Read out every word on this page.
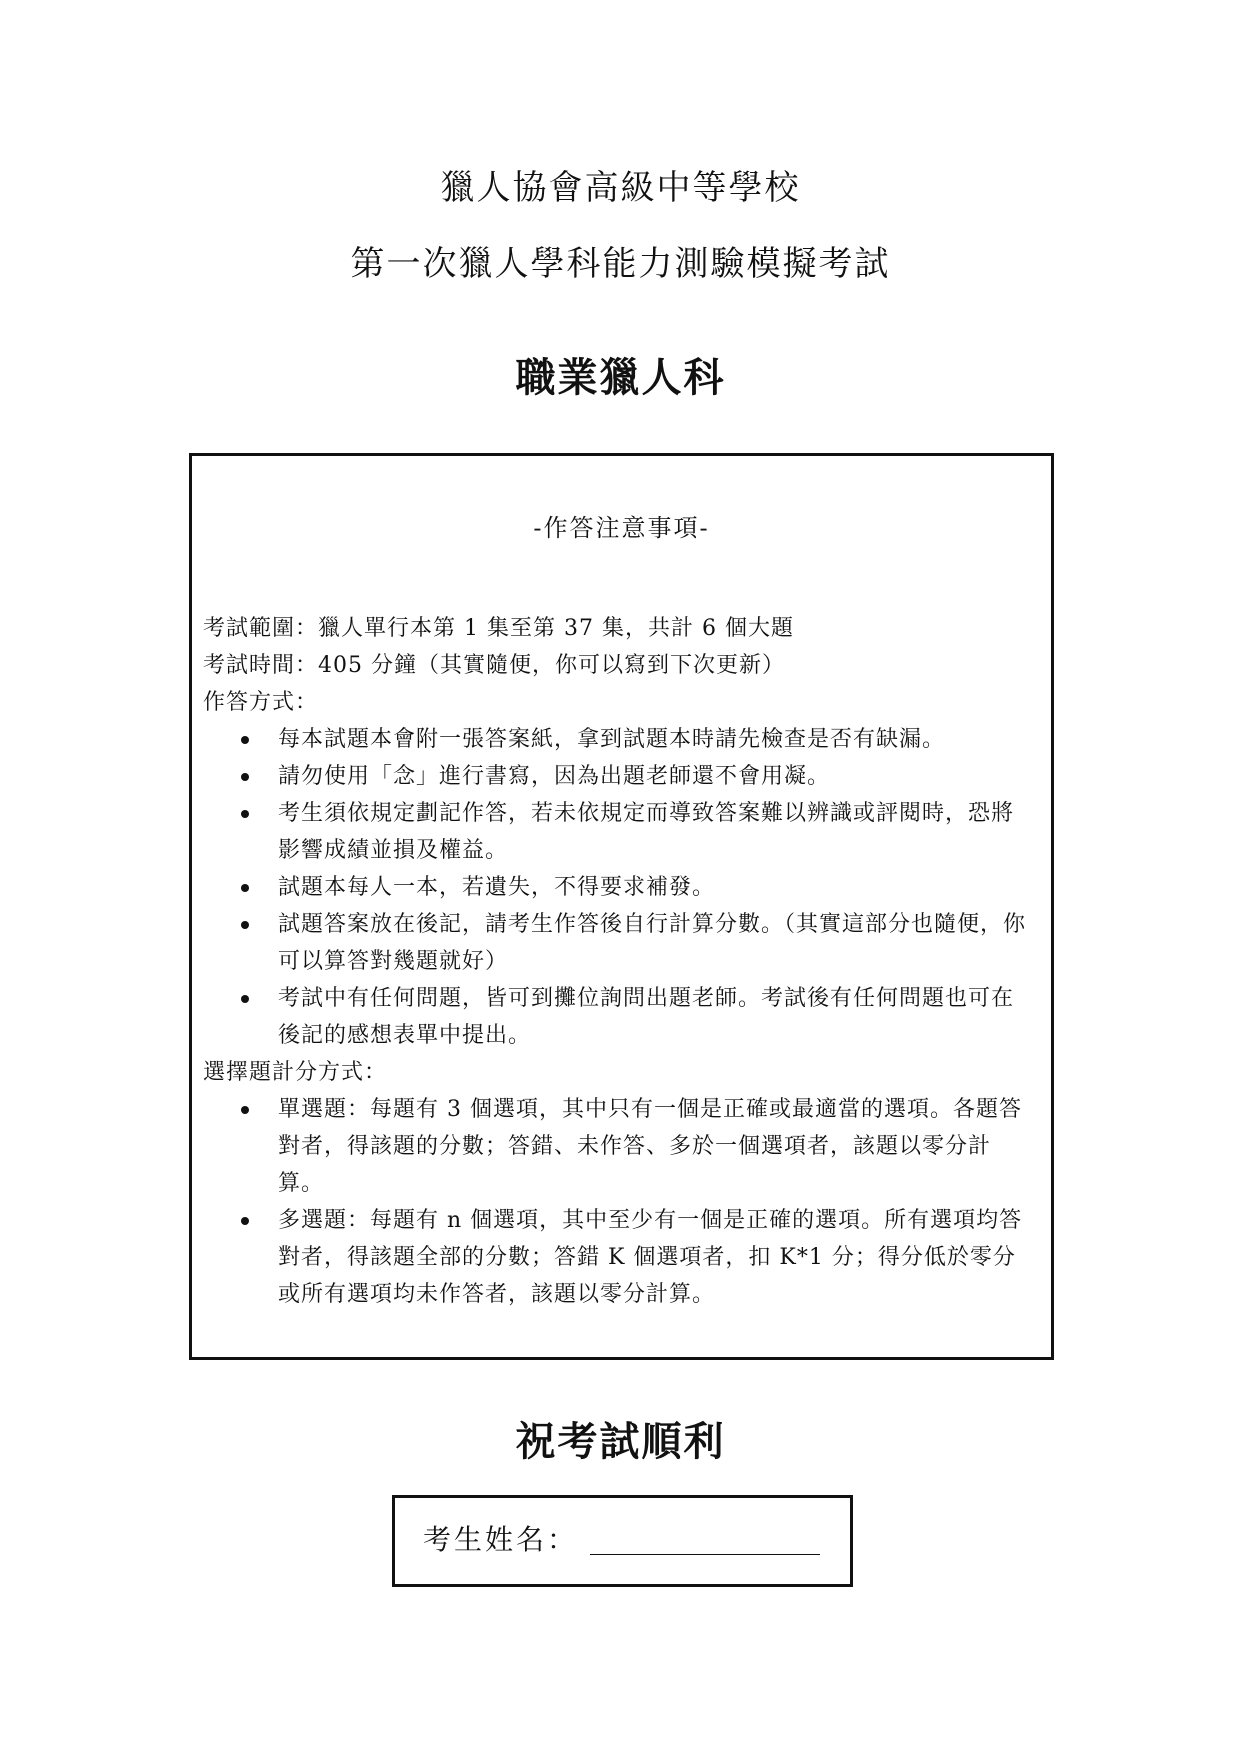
獵人協會高級中等學校
第一次獵人學科能力測驗模擬考試
職業獵人科
-作答注意事項-

考試範圍：獵人單行本第 1 集至第 37 集，共計 6 個大題

考試時間：405 分鐘（其實隨便，你可以寫到下次更新）

作答方式：

每本試題本會附一張答案紙，拿到試題本時請先檢查是否有缺漏。
請勿使用「念」進行書寫，因為出題老師還不會用凝。
考生須依規定劃記作答，若未依規定而導致答案難以辨識或評閱時，恐將影響成績並損及權益。
試題本每人一本，若遺失，不得要求補發。
試題答案放在後記，請考生作答後自行計算分數。（其實這部分也隨便，你可以算答對幾題就好）
考試中有任何問題，皆可到攤位詢問出題老師。考試後有任何問題也可在後記的感想表單中提出。

選擇題計分方式：

單選題：每題有 3 個選項，其中只有一個是正確或最適當的選項。各題答對者，得該題的分數；答錯、未作答、多於一個選項者，該題以零分計算。
多選題：每題有 n 個選項，其中至少有一個是正確的選項。所有選項均答對者，得該題全部的分數；答錯 K 個選項者，扣 K*1 分；得分低於零分或所有選項均未作答者，該題以零分計算。
祝考試順利
考生姓名：
